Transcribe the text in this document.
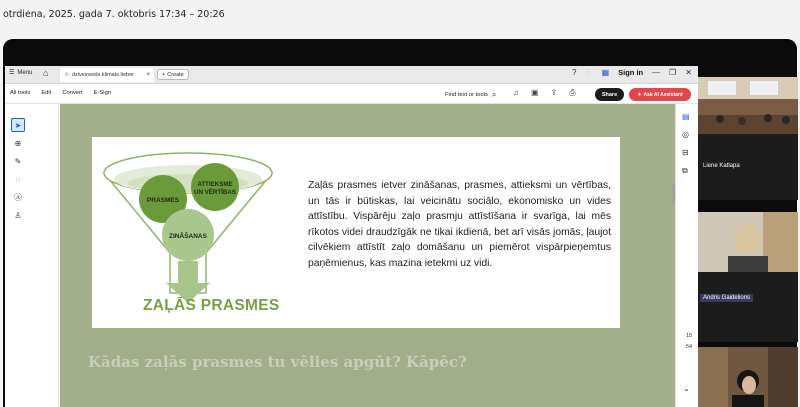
otrdiena, 2025. gada 7. oktobris 17:34 – 20:26
☰ Menu ⌂	☆ dzivesveids.klimats.lieber × + Create	? ♢ ▦ Sign in — ❐ ✕
All tools Edit Convert E-Sign	Find text or tools ⌕ ♫ ▣ ⇪ ⎙	Share	✦ Ask AI Assistant
➤
⊕
✎
◌
Ⓐ
♙
PRASMES
ATTIEKSME
UN VĒRTĪBAS
ZINĀŠANAS
ZAĻĀS PRASMES
Zaļās prasmes ietver zināšanas, prasmes, attieksmi un vērtības, un tās ir būtiskas, lai veicinātu sociālo, ekonomisko un vides attīstību. Vispārēju zaļo prasmju attīstīšana ir svarīga, lai mēs rīkotos videi draudzīgāk ne tikai ikdienā, bet arī visās jomās, ļaujot cilvēkiem attīstīt zaļo domāšanu un piemērot vispārpieņemtus paņēmienus, kas mazina ietekmi uz vidi.
Kādas zaļās prasmes tu vēlies apgūt? Kāpēc?
▤
◎
⊟
⧉
⌃
15
54
Liene Katlapa
Andris Gaidelions
